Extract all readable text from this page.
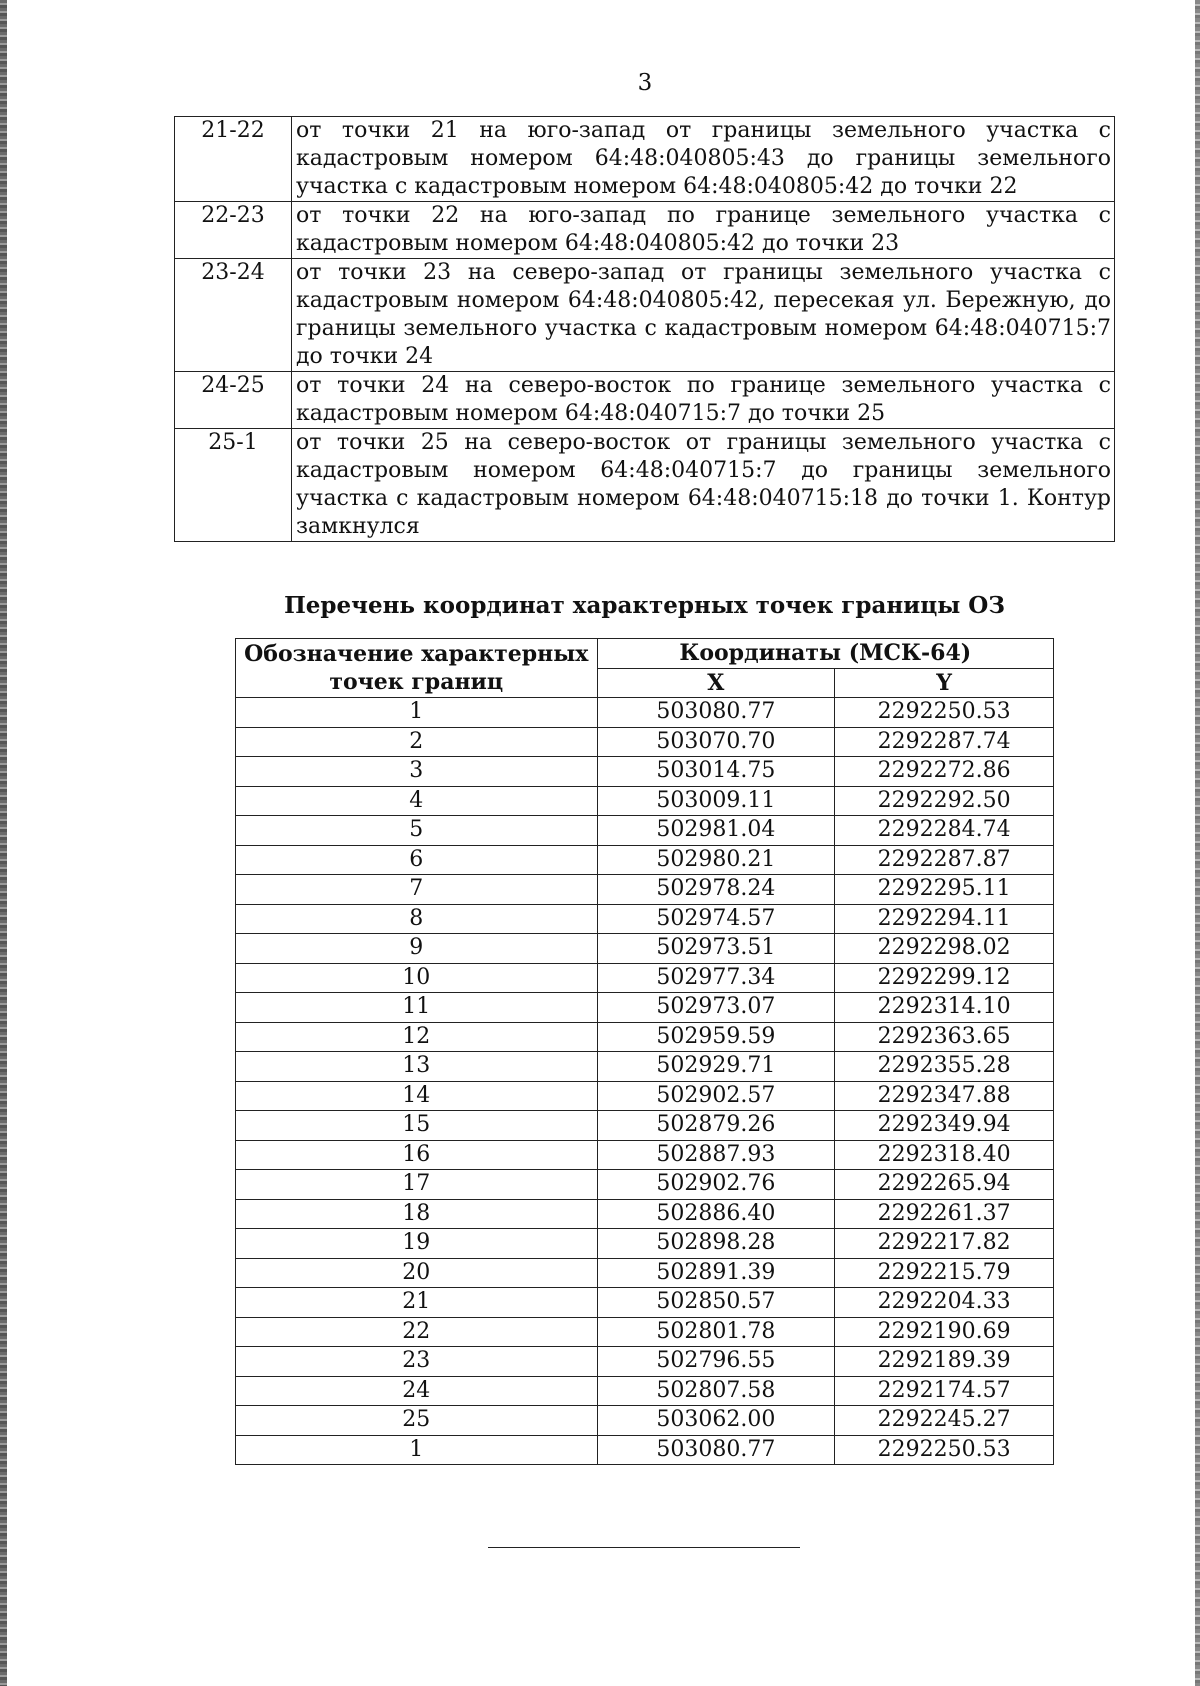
3
21-22	от точки 21 на юго-запад от границы земельного участка с кадастровым номером 64:48:040805:43 до границы земельного участка с кадастровым номером 64:48:040805:42 до точки 22
22-23	от точки 22 на юго-запад по границе земельного участка с кадастровым номером 64:48:040805:42 до точки 23
23-24	от точки 23 на северо-запад от границы земельного участка с кадастровым номером 64:48:040805:42, пересекая ул. Бережную, до границы земельного участка с кадастровым номером 64:48:040715:7 до точки 24
24-25	от точки 24 на северо-восток по границе земельного участка с кадастровым номером 64:48:040715:7 до точки 25
25-1	от точки 25 на северо-восток от границы земельного участка с кадастровым номером 64:48:040715:7 до границы земельного участка с кадастровым номером 64:48:040715:18 до точки 1. Контур замкнулся
Перечень координат характерных точек границы ОЗ
Обозначение характерных точек границ	Координаты (МСК-64)	
	X	Y
1	503080.77	2292250.53
2	503070.70	2292287.74
3	503014.75	2292272.86
4	503009.11	2292292.50
5	502981.04	2292284.74
6	502980.21	2292287.87
7	502978.24	2292295.11
8	502974.57	2292294.11
9	502973.51	2292298.02
10	502977.34	2292299.12
11	502973.07	2292314.10
12	502959.59	2292363.65
13	502929.71	2292355.28
14	502902.57	2292347.88
15	502879.26	2292349.94
16	502887.93	2292318.40
17	502902.76	2292265.94
18	502886.40	2292261.37
19	502898.28	2292217.82
20	502891.39	2292215.79
21	502850.57	2292204.33
22	502801.78	2292190.69
23	502796.55	2292189.39
24	502807.58	2292174.57
25	503062.00	2292245.27
1	503080.77	2292250.53
